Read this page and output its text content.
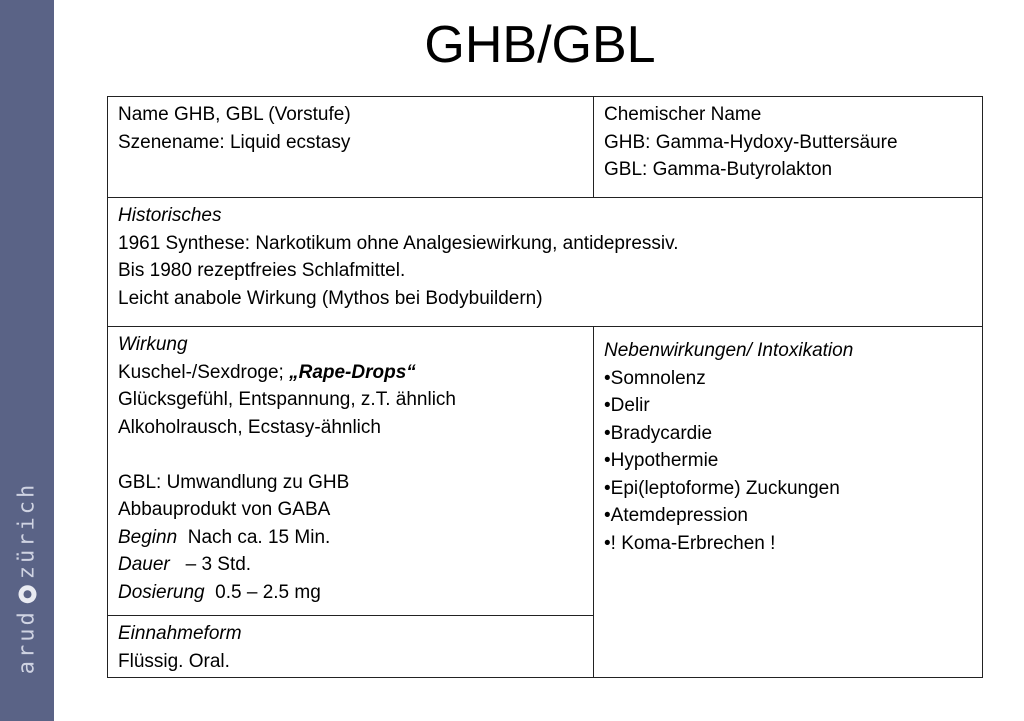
arud
zürich
GHB/GBL

Name GHB, GBL (Vorstufe)

Szenename: Liquid ecstasy

Chemischer Name

GHB: Gamma-Hydoxy-Buttersäure

GBL: Gamma-Butyrolakton

Historisches

1961 Synthese: Narkotikum ohne Analgesiewirkung, antidepressiv.

Bis 1980 rezeptfreies Schlafmittel.

Leicht anabole Wirkung (Mythos bei Bodybuildern)

Wirkung

Kuschel-/Sexdroge; „Rape-Drops“

Glücksgefühl, Entspannung, z.T. ähnlich

Alkoholrausch, Ecstasy-ähnlich

GBL: Umwandlung zu GHB

Abbauprodukt von GABA

Beginn Nach ca. 15 Min.

Dauer – 3 Std.

Dosierung 0.5 – 2.5 mg

Nebenwirkungen/ Intoxikation

•Somnolenz

•Delir

•Bradycardie

•Hypothermie

•Epi(leptoforme) Zuckungen

•Atemdepression

•! Koma-Erbrechen !

Einnahmeform

Flüssig. Oral.
